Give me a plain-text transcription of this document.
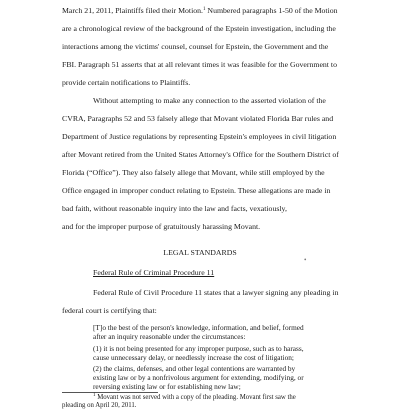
March 21, 2011, Plaintiffs filed their Motion.$^1$ Numbered paragraphs 1-50 of the Motion
are a chronological review of the background of the Epstein investigation, including the
interactions among the victims' counsel, counsel for Epstein, the Government and the
FBI. Paragraph 51 asserts that at all relevant times it was feasible for the Government to
provide certain notifications to Plaintiffs.
Without attempting to make any connection to the asserted violation of the
CVRA, Paragraphs 52 and 53 falsely allege that Movant violated Florida Bar rules and
Department of Justice regulations by representing Epstein's employees in civil litigation
after Movant retired from the United States Attorney's Office for the Southern District of
Florida (“Office”). They also falsely allege that Movant, while still employed by the
Office engaged in improper conduct relating to Epstein. These allegations are made in
bad faith, without reasonable inquiry into the law and facts, vexatiously,
and for the improper purpose of gratuitously harassing Movant.
LEGAL STANDARDS
Federal Rule of Criminal Procedure 11
Federal Rule of Civil Procedure 11 states that a lawyer signing any pleading in
federal court is certifying that:
•
[T]o the best of the person's knowledge, information, and belief, formed
after an inquiry reasonable under the circumstances:
(1) it is not being presented for any improper purpose, such as to harass,
cause unnecessary delay, or needlessly increase the cost of litigation;
(2) the claims, defenses, and other legal contentions are warranted by
existing law or by a nonfrivolous argument for extending, modifying, or
reversing existing law or for establishing new law;
$^1$ Movant was not served with a copy of the pleading. Movant first saw the
pleading on April 20, 2011.
